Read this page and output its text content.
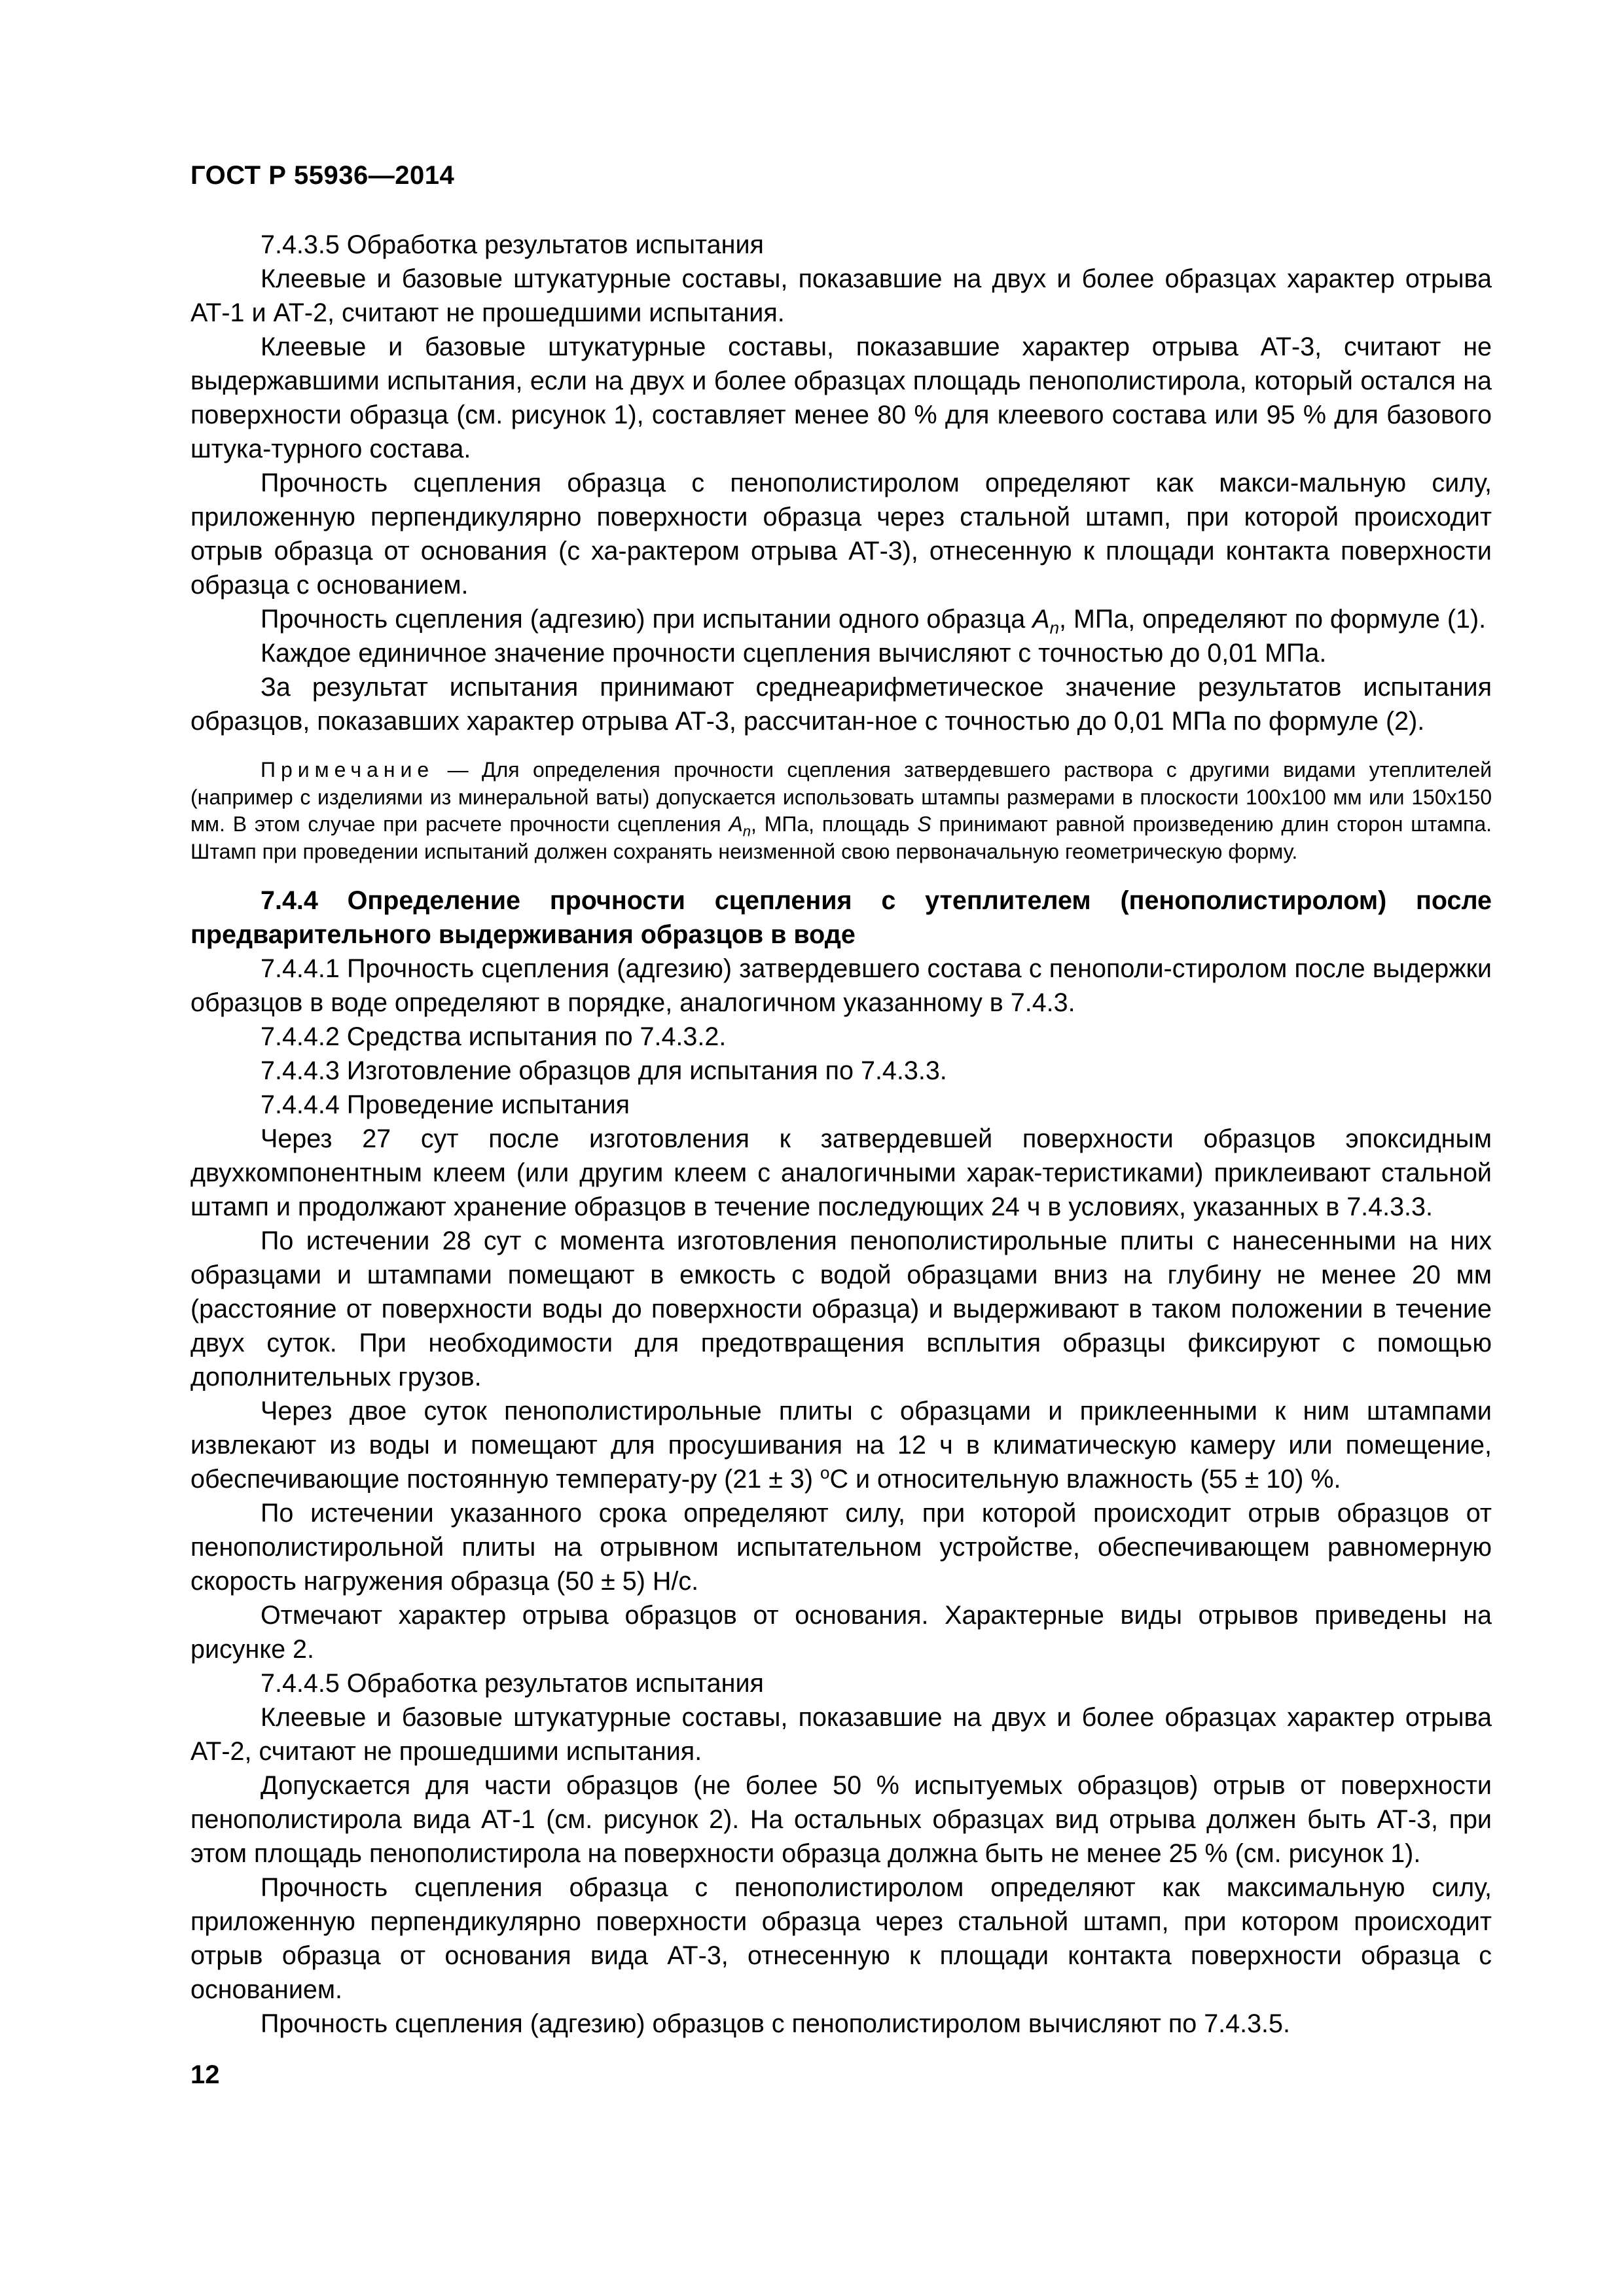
ГОСТ Р 55936—2014

7.4.3.5 Обработка результатов испытания

Клеевые и базовые штукатурные составы, показавшие на двух и более образцах характер отрыва АТ-1 и АТ-2, считают не прошедшими испытания.

Клеевые и базовые штукатурные составы, показавшие характер отрыва АТ-3, считают не выдержавшими испытания, если на двух и более образцах площадь пенополистирола, который остался на поверхности образца (см. рисунок 1), составляет менее 80 % для клеевого состава или 95 % для базового штука-турного состава.

Прочность сцепления образца с пенополистиролом определяют как макси-мальную силу, приложенную перпендикулярно поверхности образца через стальной штамп, при которой происходит отрыв образца от основания (с ха-рактером отрыва АТ-3), отнесенную к площади контакта поверхности образца с основанием.

Прочность сцепления (адгезию) при испытании одного образца $A_n$, МПа, определяют по формуле (1).

Каждое единичное значение прочности сцепления вычисляют с точностью до 0,01 МПа.

За результат испытания принимают среднеарифметическое значение результатов испытания образцов, показавших характер отрыва АТ-3, рассчитан-ное с точностью до 0,01 МПа по формуле (2).

Примечание — Для определения прочности сцепления затвердевшего раствора с другими видами утеплителей (например с изделиями из минеральной ваты) допускается использовать штампы размерами в плоскости 100х100 мм или 150х150 мм. В этом случае при расчете прочности сцепления $A_n$, МПа, площадь S принимают равной произведению длин сторон штампа. Штамп при проведении испытаний должен сохранять неизменной свою первоначальную геометрическую форму.

7.4.4 Определение прочности сцепления с утеплителем (пенополистиролом) после предварительного выдерживания образцов в воде

7.4.4.1 Прочность сцепления (адгезию) затвердевшего состава с пенополи-стиролом после выдержки образцов в воде определяют в порядке, аналогичном указанному в 7.4.3.

7.4.4.2 Средства испытания по 7.4.3.2.

7.4.4.3 Изготовление образцов для испытания по 7.4.3.3.

7.4.4.4 Проведение испытания

Через 27 сут после изготовления к затвердевшей поверхности образцов эпоксидным двухкомпонентным клеем (или другим клеем с аналогичными харак-теристиками) приклеивают стальной штамп и продолжают хранение образцов в течение последующих 24 ч в условиях, указанных в 7.4.3.3.

По истечении 28 сут с момента изготовления пенополистирольные плиты с нанесенными на них образцами и штампами помещают в емкость с водой образцами вниз на глубину не менее 20 мм (расстояние от поверхности воды до поверхности образца) и выдерживают в таком положении в течение двух суток. При необходимости для предотвращения всплытия образцы фиксируют с помощью дополнительных грузов.

Через двое суток пенополистирольные плиты с образцами и приклеенными к ним штампами извлекают из воды и помещают для просушивания на 12 ч в климатическую камеру или помещение, обеспечивающие постоянную температу-ру (21 ± 3) $^о$С и относительную влажность (55 ± 10) %.

По истечении указанного срока определяют силу, при которой происходит отрыв образцов от пенополистирольной плиты на отрывном испытательном устройстве, обеспечивающем равномерную скорость нагружения образца (50 ± 5) Н/с.

Отмечают характер отрыва образцов от основания. Характерные виды отрывов приведены на рисунке 2.

7.4.4.5 Обработка результатов испытания

Клеевые и базовые штукатурные составы, показавшие на двух и более образцах характер отрыва АТ-2, считают не прошедшими испытания.

Допускается для части образцов (не более 50 % испытуемых образцов) отрыв от поверхности пенополистирола вида АТ-1 (см. рисунок 2). На остальных образцах вид отрыва должен быть АТ-3, при этом площадь пенополистирола на поверхности образца должна быть не менее 25 % (см. рисунок 1).

Прочность сцепления образца с пенополистиролом определяют как максимальную силу, приложенную перпендикулярно поверхности образца через стальной штамп, при котором происходит отрыв образца от основания вида АТ-3, отнесенную к площади контакта поверхности образца с основанием.

Прочность сцепления (адгезию) образцов с пенополистиролом вычисляют по 7.4.3.5.

12
